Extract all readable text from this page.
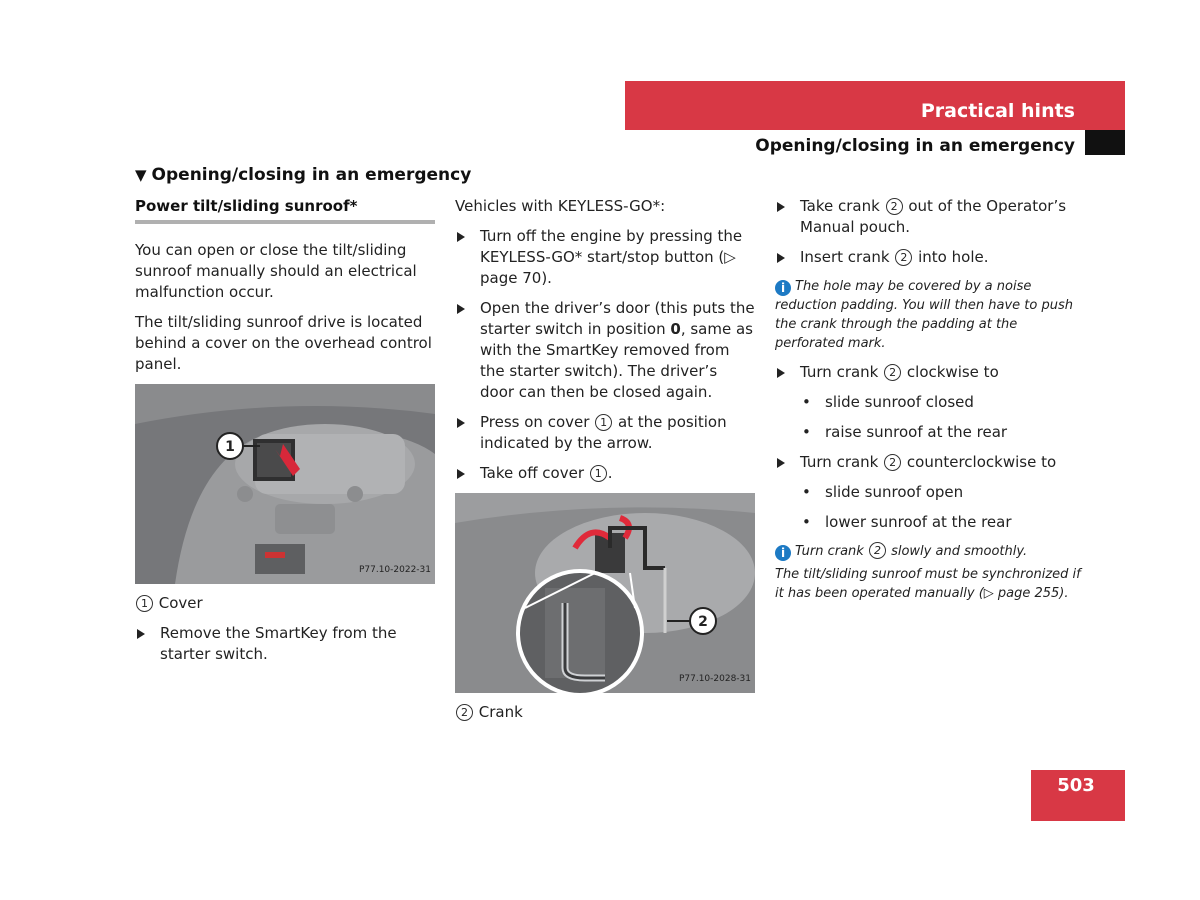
Practical hints
Opening/closing in an emergency
▼ Opening/closing in an emergency
Power tilt/sliding sunroof*

You can open or close the tilt/sliding sunroof manually should an electrical malfunction occur.

The tilt/sliding sunroof drive is located behind a cover on the overhead control panel.

1
P77.10-2022-31

1 Cover

Remove the SmartKey from the starter switch.

Vehicles with KEYLESS-GO*:

Turn off the engine by pressing the KEYLESS-GO* start/stop button (▷ page 70).

Open the driver’s door (this puts the starter switch in position 0, same as with the SmartKey removed from the starter switch). The driver’s door can then be closed again.

Press on cover 1 at the position indicated by the arrow.

Take off cover 1 .

2
P77.10-2028-31

2 Crank

Take crank 2 out of the Operator’s Manual pouch.

Insert crank 2 into hole.

i The hole may be covered by a noise reduction padding. You will then have to push the crank through the padding at the perforated mark.

Turn crank 2 clockwise to

• slide sunroof closed

• raise sunroof at the rear

Turn crank 2 counterclockwise to

• slide sunroof open

• lower sunroof at the rear

i Turn crank 2 slowly and smoothly.

The tilt/sliding sunroof must be synchronized if it has been operated manually (▷ page 255).

503
